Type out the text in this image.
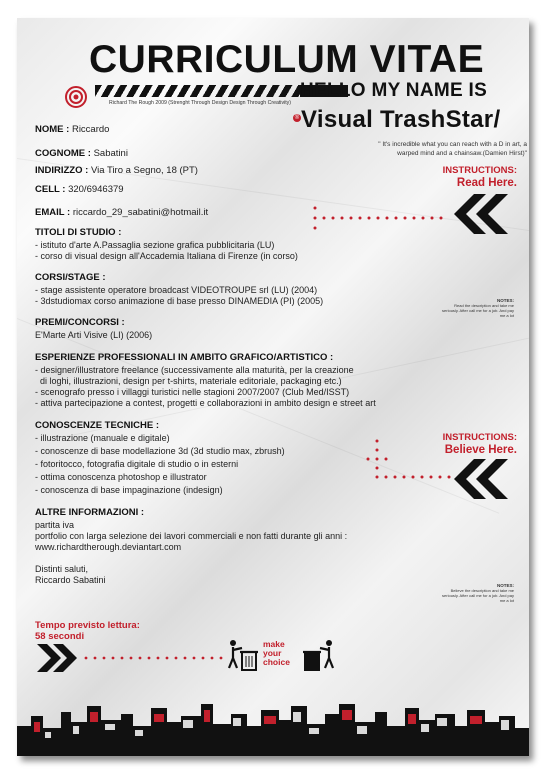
CURRICULUM VITAE
HELLO MY NAME IS
Richard The Rough 2009 (Strenght Through Design Design Through Creativity)
® Visual TrashStar/
" It's incredible what you can reach with a D in art, a warped mind and a chainsaw.(Damien Hirst)"
NOME : Riccardo
COGNOME : Sabatini
INDIRIZZO : Via Tiro a Segno, 18 (PT)
CELL : 320/6946379
EMAIL : riccardo_29_sabatini@hotmail.it
TITOLI DI STUDIO :
- istituto d'arte A.Passaglia sezione grafica pubblicitaria (LU)
- corso di visual design all'Accademia Italiana di Firenze (in corso)
CORSI/STAGE :
- stage assistente operatore broadcast VIDEOTROUPE srl (LU) (2004)
- 3dstudiomax corso animazione di base presso DINAMEDIA (PI) (2005)
PREMI/CONCORSI :
E'Marte Arti Visive (LI) (2006)
ESPERIENZE PROFESSIONALI IN AMBITO GRAFICO/ARTISTICO :
- designer/illustratore freelance (successivamente alla maturità, per la creazione
di loghi, illustrazioni, design per t-shirts, materiale editoriale, packaging etc.)
- scenografo presso i villaggi turistici nelle stagioni 2007/2007 (Club Med/ISST)
- attiva partecipazione a contest, progetti e collaborazioni in ambito design e street art
CONOSCENZE TECNICHE :
- illustrazione (manuale e digitale)
- conoscenze di base modellazione 3d (3d studio max, zbrush)
- fotoritocco, fotografia digitale di studio o in esterni
- ottima conoscenza photoshop e illustrator
- conoscenza di base impaginazione (indesign)
ALTRE INFORMAZIONI :
partita iva
portfolio con larga selezione dei lavori commerciali e non fatti durante gli anni :
www.richardtherough.deviantart.com
Distinti saluti,
Riccardo Sabatini
INSTRUCTIONS:
Read Here.
NOTES:
Read the description and take me seriously. After call me for a job. And pay me a lot
INSTRUCTIONS:
Believe Here.
NOTES:
Believe the description and take me seriously. After call me for a job. And pay me a lot
Tempo previsto lettura:
58 secondi
make
your
choice
